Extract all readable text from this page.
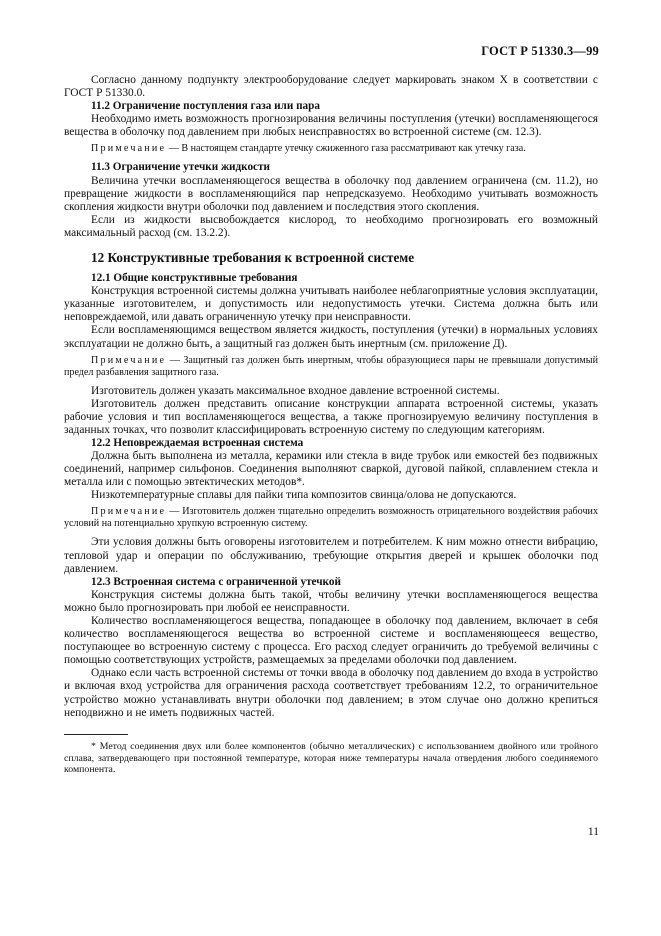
ГОСТ Р 51330.3—99

Согласно данному подпункту электрооборудование следует маркировать знаком X в соответствии с ГОСТ Р 51330.0.

11.2 Ограничение поступления газа или пара

Необходимо иметь возможность прогнозирования величины поступления (утечки) воспламеняющегося вещества в оболочку под давлением при любых неисправностях во встроенной системе (см. 12.3).

Примечание — В настоящем стандарте утечку сжиженного газа рассматривают как утечку газа.

11.3 Ограничение утечки жидкости

Величина утечки воспламеняющегося вещества в оболочку под давлением ограничена (см. 11.2), но превращение жидкости в воспламеняющийся пар непредсказуемо. Необходимо учитывать возможность скопления жидкости внутри оболочки под давлением и последствия этого скопления.

Если из жидкости высвобождается кислород, то необходимо прогнозировать его возможный максимальный расход (см. 13.2.2).

12 Конструктивные требования к встроенной системе

12.1 Общие конструктивные требования

Конструкция встроенной системы должна учитывать наиболее неблагоприятные условия эксплуатации, указанные изготовителем, и допустимость или недопустимость утечки. Система должна быть или неповреждаемой, или давать ограниченную утечку при неисправности.

Если воспламеняющимся веществом является жидкость, поступления (утечки) в нормальных условиях эксплуатации не должно быть, а защитный газ должен быть инертным (см. приложение Д).

Примечание — Защитный газ должен быть инертным, чтобы образующиеся пары не превышали допустимый предел разбавления защитного газа.

Изготовитель должен указать максимальное входное давление встроенной системы.

Изготовитель должен представить описание конструкции аппарата встроенной системы, указать рабочие условия и тип воспламеняющегося вещества, а также прогнозируемую величину поступления в заданных точках, что позволит классифицировать встроенную систему по следующим категориям.

12.2 Неповреждаемая встроенная система

Должна быть выполнена из металла, керамики или стекла в виде трубок или емкостей без подвижных соединений, например сильфонов. Соединения выполняют сваркой, дуговой пайкой, сплавлением стекла и металла или с помощью эвтектических методов*.

Низкотемпературные сплавы для пайки типа композитов свинца/олова не допускаются.

Примечание — Изготовитель должен тщательно определить возможность отрицательного воздействия рабочих условий на потенциально хрупкую встроенную систему.

Эти условия должны быть оговорены изготовителем и потребителем. К ним можно отнести вибрацию, тепловой удар и операции по обслуживанию, требующие открытия дверей и крышек оболочки под давлением.

12.3 Встроенная система с ограниченной утечкой

Конструкция системы должна быть такой, чтобы величину утечки воспламеняющегося вещества можно было прогнозировать при любой ее неисправности.

Количество воспламеняющегося вещества, попадающее в оболочку под давлением, включает в себя количество воспламеняющегося вещества во встроенной системе и воспламеняющееся вещество, поступающее во встроенную систему с процесса. Его расход следует ограничить до требуемой величины с помощью соответствующих устройств, размещаемых за пределами оболочки под давлением.

Однако если часть встроенной системы от точки ввода в оболочку под давлением до входа в устройство и включая вход устройства для ограничения расхода соответствует требованиям 12.2, то ограничительное устройство можно устанавливать внутри оболочки под давлением; в этом случае оно должно крепиться неподвижно и не иметь подвижных частей.

* Метод соединения двух или более компонентов (обычно металлических) с использованием двойного или тройного сплава, затвердевающего при постоянной температуре, которая ниже температуры начала отвердения любого соединяемого компонента.

11
